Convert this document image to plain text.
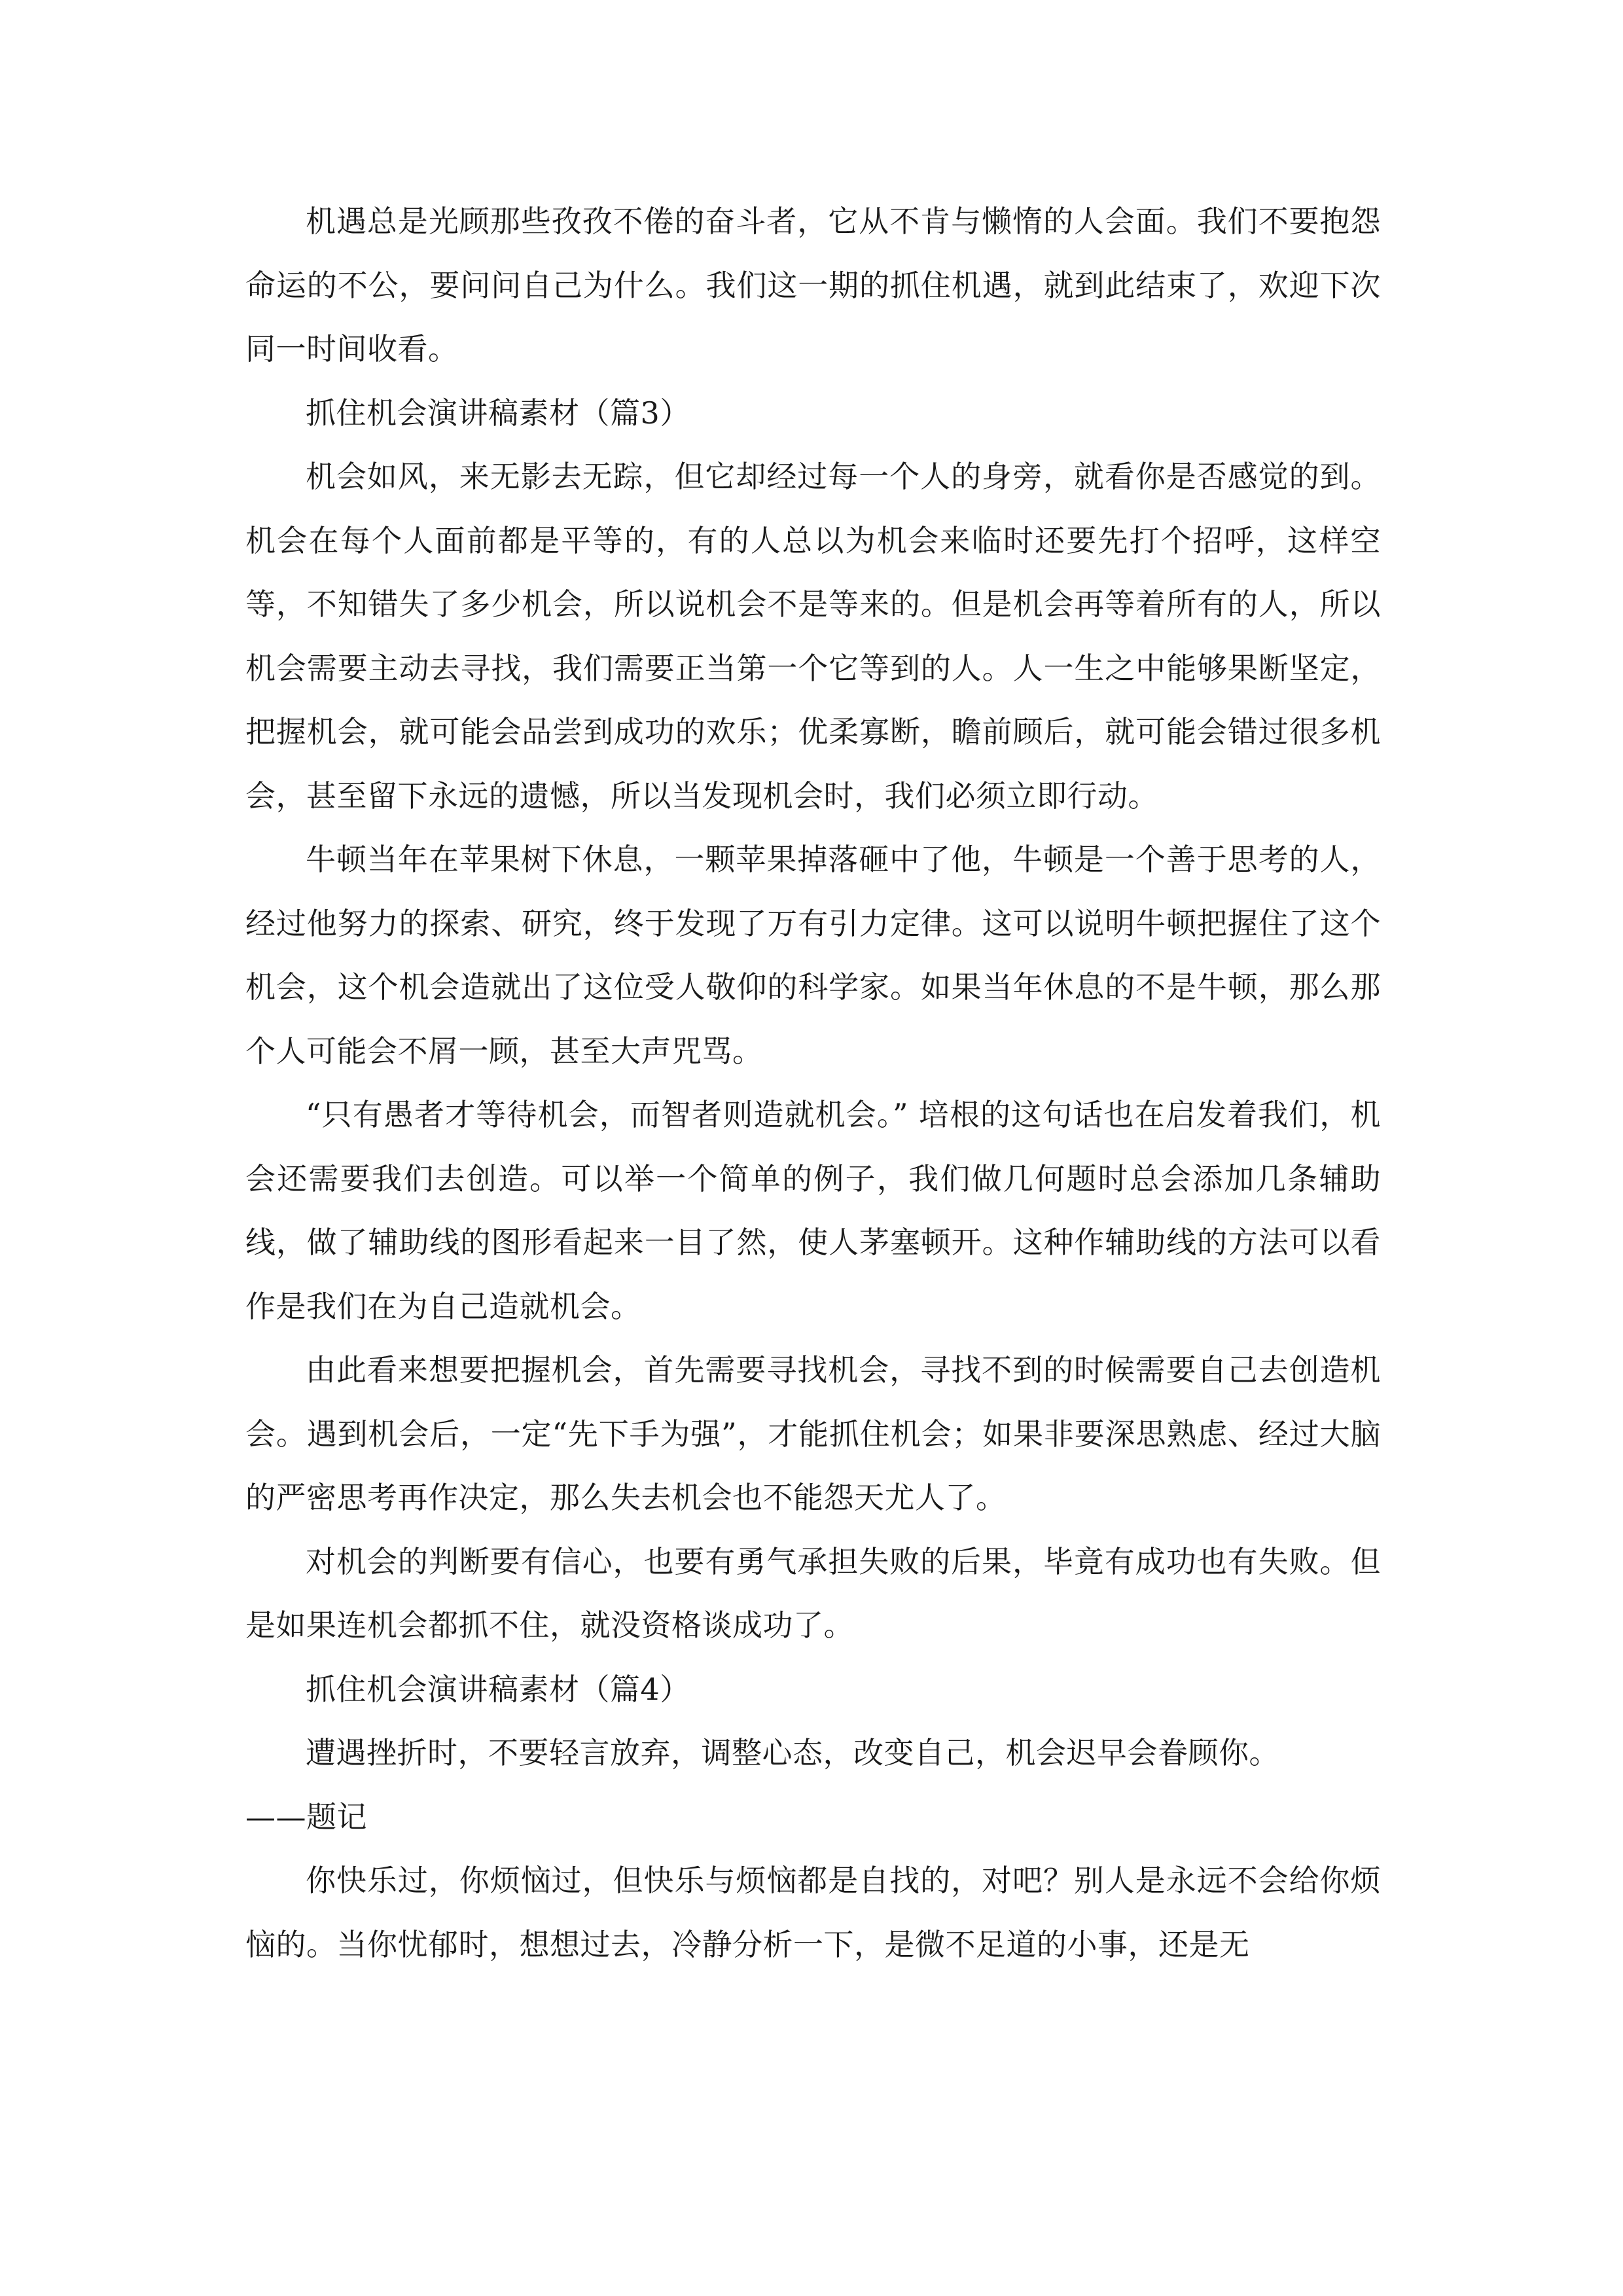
机遇总是光顾那些孜孜不倦的奋斗者，它从不肯与懒惰的人会面。我们不要抱怨命运的不公，要问问自己为什么。我们这一期的抓住机遇，就到此结束了，欢迎下次同一时间收看。

抓住机会演讲稿素材（篇3）

机会如风，来无影去无踪，但它却经过每一个人的身旁，就看你是否感觉的到。机会在每个人面前都是平等的，有的人总以为机会来临时还要先打个招呼，这样空等，不知错失了多少机会，所以说机会不是等来的。但是机会再等着所有的人，所以机会需要主动去寻找，我们需要正当第一个它等到的人。人一生之中能够果断坚定，把握机会，就可能会品尝到成功的欢乐；优柔寡断，瞻前顾后，就可能会错过很多机会，甚至留下永远的遗憾，所以当发现机会时，我们必须立即行动。

牛顿当年在苹果树下休息，一颗苹果掉落砸中了他，牛顿是一个善于思考的人，经过他努力的探索、研究，终于发现了万有引力定律。这可以说明牛顿把握住了这个机会，这个机会造就出了这位受人敬仰的科学家。如果当年休息的不是牛顿，那么那个人可能会不屑一顾，甚至大声咒骂。

“只有愚者才等待机会，而智者则造就机会。” 培根的这句话也在启发着我们，机会还需要我们去创造。可以举一个简单的例子，我们做几何题时总会添加几条辅助线，做了辅助线的图形看起来一目了然，使人茅塞顿开。这种作辅助线的方法可以看作是我们在为自己造就机会。

由此看来想要把握机会，首先需要寻找机会，寻找不到的时候需要自己去创造机会。遇到机会后，一定“先下手为强”，才能抓住机会；如果非要深思熟虑、经过大脑的严密思考再作决定，那么失去机会也不能怨天尤人了。

对机会的判断要有信心，也要有勇气承担失败的后果，毕竟有成功也有失败。但是如果连机会都抓不住，就没资格谈成功了。

抓住机会演讲稿素材（篇4）

遭遇挫折时，不要轻言放弃，调整心态，改变自己，机会迟早会眷顾你。

——题记

你快乐过，你烦恼过，但快乐与烦恼都是自找的，对吧？别人是永远不会给你烦恼的。当你忧郁时，想想过去，冷静分析一下，是微不足道的小事，还是无
